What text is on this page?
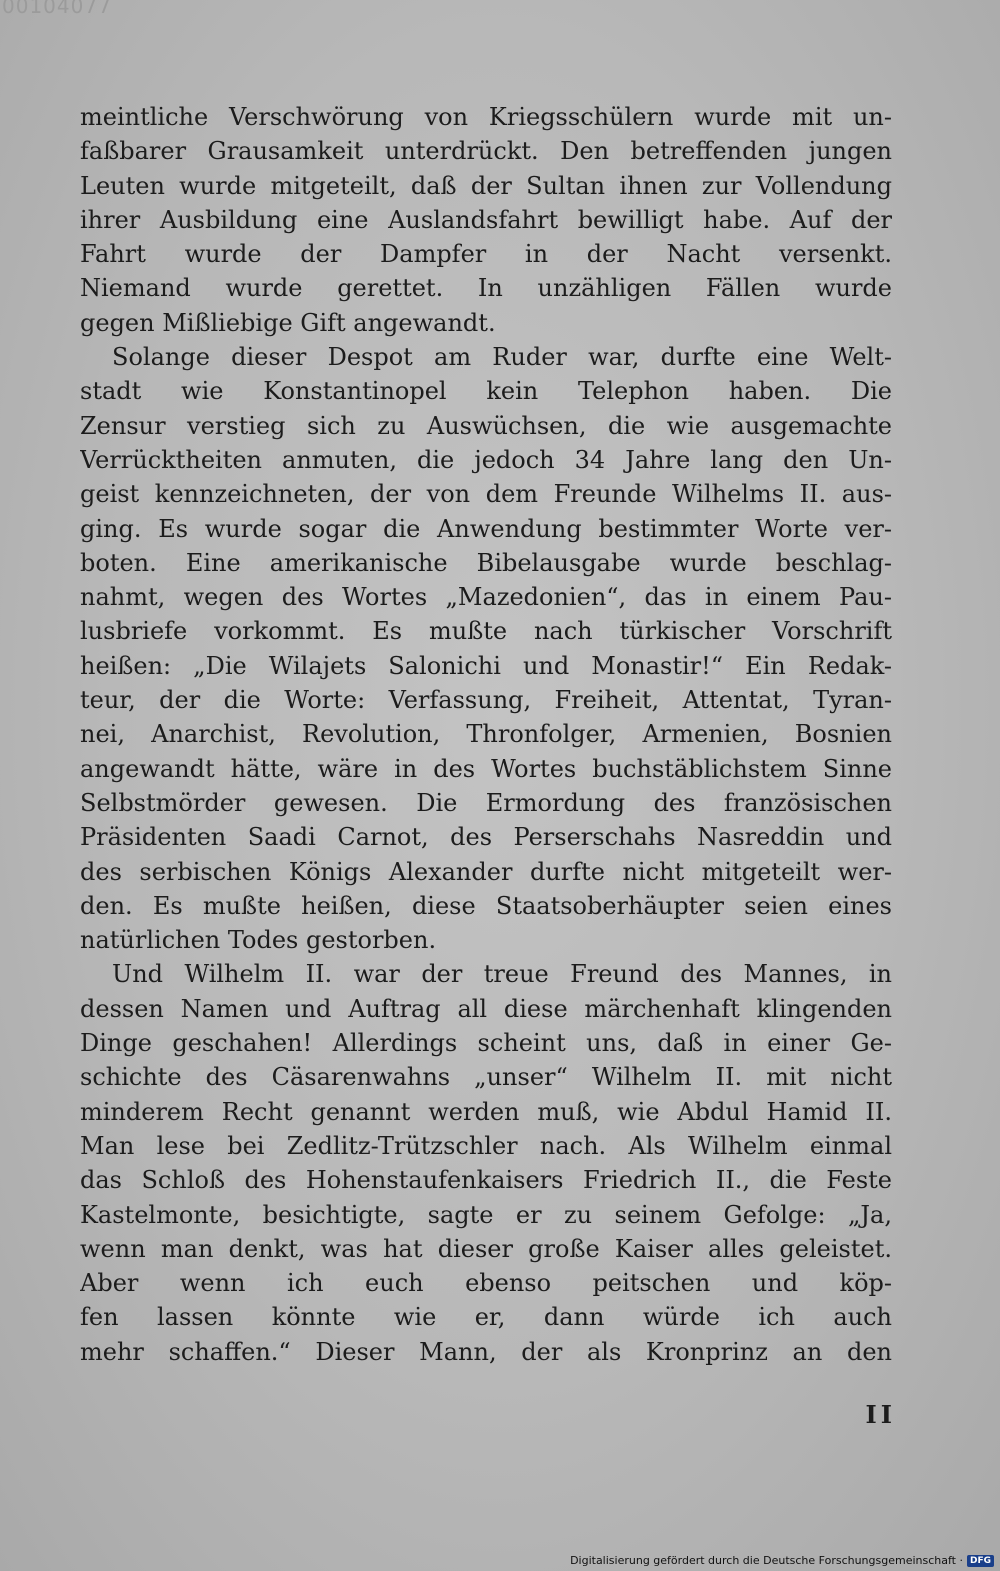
00104077
meintliche Verschwörung von Kriegsschülern wurde mit un-
faßbarer Grausamkeit unterdrückt. Den betreffenden jungen
Leuten wurde mitgeteilt, daß der Sultan ihnen zur Vollendung
ihrer Ausbildung eine Auslandsfahrt bewilligt habe. Auf der
Fahrt wurde der Dampfer in der Nacht versenkt.
Niemand wurde gerettet. In unzähligen Fällen wurde
gegen Mißliebige Gift angewandt.
Solange dieser Despot am Ruder war, durfte eine Welt-
stadt wie Konstantinopel kein Telephon haben. Die
Zensur verstieg sich zu Auswüchsen, die wie ausgemachte
Verrücktheiten anmuten, die jedoch 34 Jahre lang den Un-
geist kennzeichneten, der von dem Freunde Wilhelms II. aus-
ging. Es wurde sogar die Anwendung bestimmter Worte ver-
boten. Eine amerikanische Bibelausgabe wurde beschlag-
nahmt, wegen des Wortes „Mazedonien“, das in einem Pau-
lusbriefe vorkommt. Es mußte nach türkischer Vorschrift
heißen: „Die Wilajets Salonichi und Monastir!“ Ein Redak-
teur, der die Worte: Verfassung, Freiheit, Attentat, Tyran-
nei, Anarchist, Revolution, Thronfolger, Armenien, Bosnien
angewandt hätte, wäre in des Wortes buchstäblichstem Sinne
Selbstmörder gewesen. Die Ermordung des französischen
Präsidenten Saadi Carnot, des Perserschahs Nasreddin und
des serbischen Königs Alexander durfte nicht mitgeteilt wer-
den. Es mußte heißen, diese Staatsoberhäupter seien eines
natürlichen Todes gestorben.
Und Wilhelm II. war der treue Freund des Mannes, in
dessen Namen und Auftrag all diese märchenhaft klingenden
Dinge geschahen! Allerdings scheint uns, daß in einer Ge-
schichte des Cäsarenwahns „unser“ Wilhelm II. mit nicht
minderem Recht genannt werden muß, wie Abdul Hamid II.
Man lese bei Zedlitz-Trützschler nach. Als Wilhelm einmal
das Schloß des Hohenstaufenkaisers Friedrich II., die Feste
Kastelmonte, besichtigte, sagte er zu seinem Gefolge: „Ja,
wenn man denkt, was hat dieser große Kaiser alles geleistet.
Aber wenn ich euch ebenso peitschen und köp-
fen lassen könnte wie er, dann würde ich auch
mehr schaffen.“ Dieser Mann, der als Kronprinz an den
II
Digitalisierung gefördert durch die Deutsche Forschungsgemeinschaft · DFG
